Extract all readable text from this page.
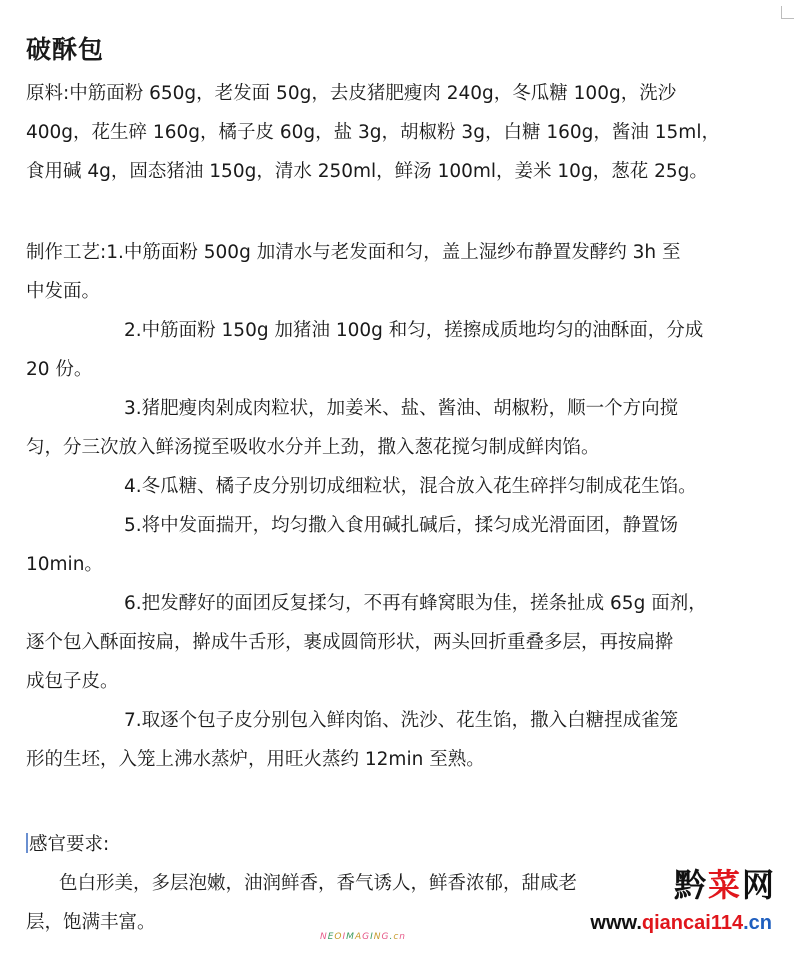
破酥包

原料:中筋面粉 650g，老发面 50g，去皮猪肥瘦肉 240g，冬瓜糖 100g，洗沙

400g，花生碎 160g，橘子皮 60g，盐 3g，胡椒粉 3g，白糖 160g，酱油 15ml，

食用碱 4g，固态猪油 150g，清水 250ml，鲜汤 100ml，姜米 10g，葱花 25g。

制作工艺:1.中筋面粉 500g 加清水与老发面和匀，盖上湿纱布静置发酵约 3h 至

中发面。

2.中筋面粉 150g 加猪油 100g 和匀，搓擦成质地均匀的油酥面，分成

20 份。

3.猪肥瘦肉剁成肉粒状，加姜米、盐、酱油、胡椒粉，顺一个方向搅

匀，分三次放入鲜汤搅至吸收水分并上劲，撒入葱花搅匀制成鲜肉馅。

4.冬瓜糖、橘子皮分别切成细粒状，混合放入花生碎拌匀制成花生馅。

5.将中发面揣开，均匀撒入食用碱扎碱后，揉匀成光滑面团，静置饧

10min。

6.把发酵好的面团反复揉匀，不再有蜂窝眼为佳，搓条扯成 65g 面剂，

逐个包入酥面按扁，擀成牛舌形，裹成圆筒形状，两头回折重叠多层，再按扁擀

成包子皮。

7.取逐个包子皮分别包入鲜肉馅、洗沙、花生馅，撒入白糖捏成雀笼

形的生坯，入笼上沸水蒸炉，用旺火蒸约 12min 至熟。

感官要求:

色白形美，多层泡嫩，油润鲜香，香气诱人，鲜香浓郁，甜咸老

层，饱满丰富。

黔菜网
www.qiancai114.cn
NEOIMAGING.cn
